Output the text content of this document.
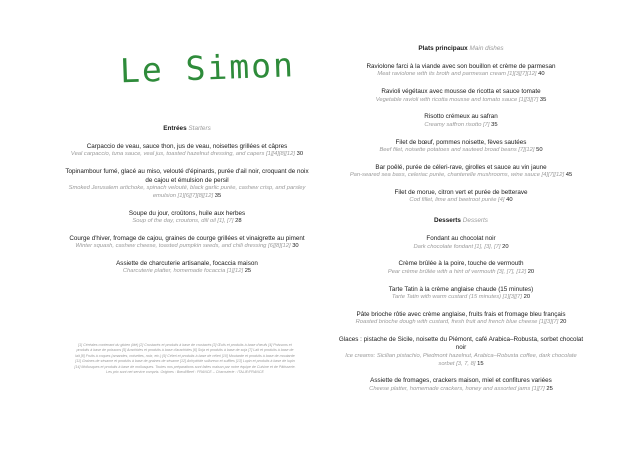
Le Simon
Entrées Starters
Carpaccio de veau, sauce thon, jus de veau, noisettes grillées et câpres
Veal carpaccio, tuna sauce, veal jus, toasted hazelnut dressing, and capers [1][4][8][12] 30
Topinambour fumé, glacé au miso, velouté d'épinards, purée d'ail noir, croquant de noix de cajou et émulsion de persil
Smoked Jerusalem artichoke, spinach velouté, black garlic purée, cashew crisp, and parsley emulsion [1][6][7][8][12] 35
Soupe du jour, croûtons, huile aux herbes
Soup of the day, croutons, dill oil [1], [7] 28
Courge d'hiver, fromage de cajou, graines de courge grillées et vinaigrette au piment
Winter squash, cashew cheese, toasted pumpkin seeds, and chili dressing [6][8][12] 30
Assiette de charcuterie artisanale, focaccia maison
Charcuterie platter, homemade focaccia [1][12] 25
[1] Céréales contenant du gluten (blé) [2] Crustacés et produits à base de crustacés [3] Œufs et produits à base d'œufs [4] Poissons et produits à base de poissons [5] Arachides et produits à base d'arachides [6] Soja et produits à base de soja [7] Lait et produits à base de lait [8] Fruits à coques (amandes, noisettes, noix, etc.) [9] Céleri et produits à base de céleri [10] Moutarde et produits à base de moutarde [11] Graines de sésame et produits à base de graines de sésame [12] Anhydride sulfureux et sulfites [13] Lupin et produits à base de lupin [14] Mollusques et produits à base de mollusques. Toutes nos préparations sont faites maison par notre équipe de Cuisine et de Pâtisserie. Les prix sont net service compris. Origines : Bœuf/Beef : FRANCE – Charcuterie : ITALIE/FRANCE
Plats principaux Main dishes
Raviolone farci à la viande avec son bouillon et crème de parmesan
Meat raviolone with its broth and parmesan cream [1][3][7][12] 40
Ravioli végétaux avec mousse de ricotta et sauce tomate
Vegetable ravioli with ricotta mousse and tomato sauce [1][3][7] 35
Risotto crémeux au safran
Creamy saffron risotto [7] 35
Filet de bœuf, pommes noisette, fèves sautées
Beef filet, noisette potatoes and sauteed broad beans [7][12] 50
Bar poêlé, purée de céleri-rave, girolles et sauce au vin jaune
Pan-seared sea bass, celeriac purée, chanterelle mushrooms, wine sauce [4][7][12] 45
Filet de morue, citron vert et purée de betterave
Cod fillet, lime and beetroot purée [4] 40
Desserts Desserts
Fondant au chocolat noir
Dark chocolate fondant [1], [3], [7] 20
Crème brûlée à la poire, touche de vermouth
Pear crème brûlée with a hint of vermouth [3], [7], [12] 20
Tarte Tatin à la crème anglaise chaude (15 minutes)
Tarte Tatin with warm custard (15 minutes) [1][3][7] 20
Pâte brioche rôtie avec crème anglaise, fruits frais et fromage bleu français
Roasted brioche dough with custard, fresh fruit and french blue cheese [1][3][7] 20
Glaces : pistache de Sicile, noisette du Piémont, café Arabica–Robusta, sorbet chocolat noir
Ice creams: Sicilian pistachio, Piedmont hazelnut, Arabica–Robusta coffee, dark chocolate sorbet [3, 7, 8] 15
Assiette de fromages, crackers maison, miel et confitures variées
Cheese platter, homemade crackers, honey and assorted jams [1][7] 25
